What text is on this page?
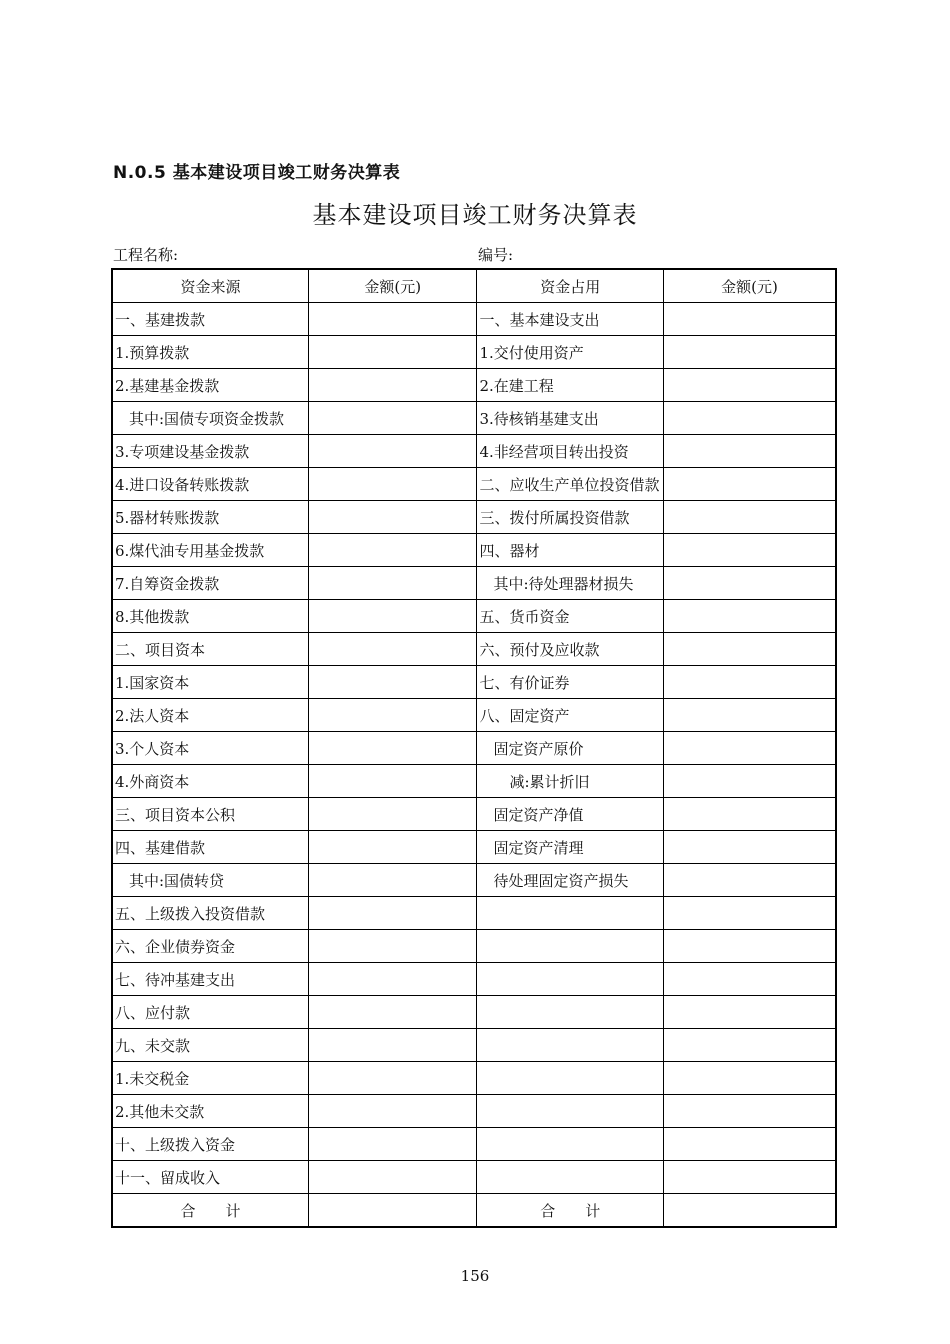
N.0.5 基本建设项目竣工财务决算表
基本建设项目竣工财务决算表
工程名称:	编号:
资金来源	金额(元)	资金占用	金额(元)
一、基建拨款		一、基本建设支出	
1.预算拨款		1.交付使用资产	
2.基建基金拨款		2.在建工程	
其中:国债专项资金拨款		3.待核销基建支出	
3.专项建设基金拨款		4.非经营项目转出投资	
4.进口设备转账拨款		二、应收生产单位投资借款	
5.器材转账拨款		三、拨付所属投资借款	
6.煤代油专用基金拨款		四、器材	
7.自筹资金拨款		其中:待处理器材损失	
8.其他拨款		五、货币资金	
二、项目资本		六、预付及应收款	
1.国家资本		七、有价证券	
2.法人资本		八、固定资产	
3.个人资本		固定资产原价	
4.外商资本		减:累计折旧	
三、项目资本公积		固定资产净值	
四、基建借款		固定资产清理	
其中:国债转贷		待处理固定资产损失	
五、上级拨入投资借款			
六、企业债券资金			
七、待冲基建支出			
八、应付款			
九、未交款			
1.未交税金			
2.其他未交款			
十、上级拨入资金			
十一、留成收入			
合　　计		合　　计	
156
